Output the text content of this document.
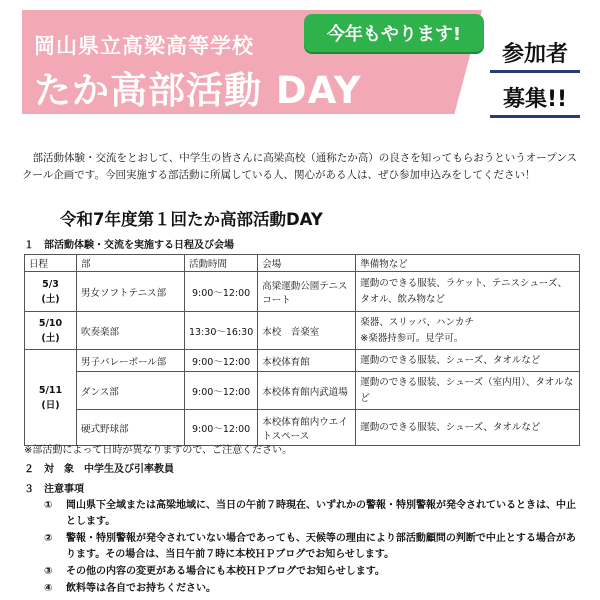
岡山県立高梁高等学校
たか高部活動 DAY
今年もやります!
参加者
募集!!
部活動体験・交流をとおして、中学生の皆さんに高梁高校（通称たか高）の良さを知ってもらおうというオープンスクール企画です。今回実施する部活動に所属している人、関心がある人は、ぜひ参加申込みをしてください！
令和7年度第１回たか高部活動DAY
１　部活動体験・交流を実施する日程及び会場
日程	部	活動時間	会場	準備物など
5/3
(土)	男女ソフトテニス部	9:00〜12:00	高梁運動公園テニスコート	運動のできる服装、ラケット、テニスシューズ、タオル、飲み物など
5/10
(土)	吹奏楽部	13:30〜16:30	本校　音楽室	楽器、スリッパ、ハンカチ
※楽器持参可。見学可。
5/11
(日)	男子バレーボール部	9:00〜12:00	本校体育館	運動のできる服装、シューズ、タオルなど
	ダンス部	9:00〜12:00	本校体育館内武道場	運動のできる服装、シューズ（室内用）、タオルなど
	硬式野球部	9:00〜12:00	本校体育館内ウエイトスペース	運動のできる服装、シューズ、タオルなど
※部活動によって日時が異なりますので、ご注意ください。
２　対　象　中学生及び引率教員
３　注意事項
①	岡山県下全域または高梁地域に、当日の午前７時現在、いずれかの警報・特別警報が発令されているときは、中止とします。
②	警報・特別警報が発令されていない場合であっても、天候等の理由により部活動顧問の判断で中止とする場合があります。その場合は、当日午前７時に本校ＨＰブログでお知らせします。
③	その他の内容の変更がある場合にも本校ＨＰブログでお知らせします。
④	飲料等は各自でお持ちください。
